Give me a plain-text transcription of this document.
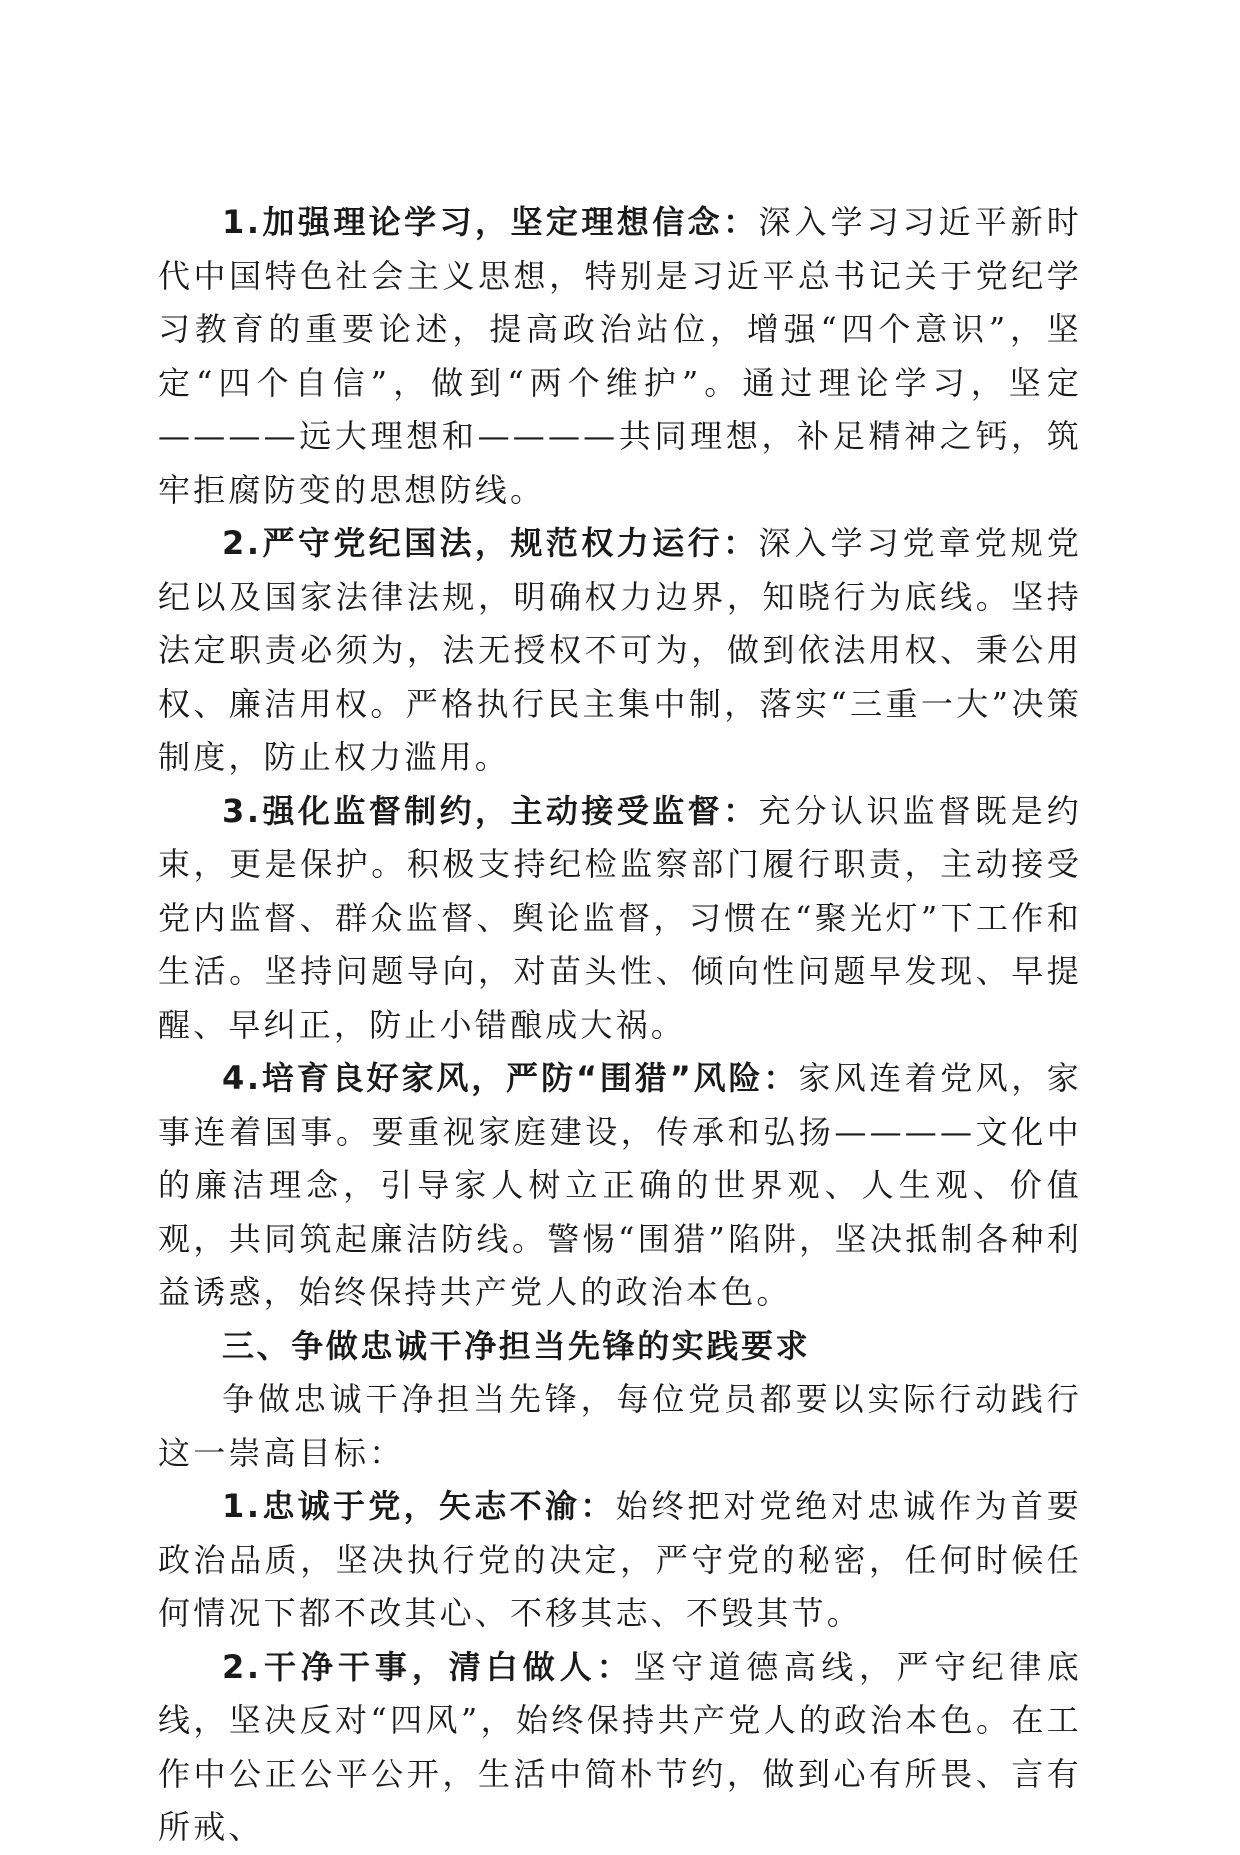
1.加强理论学习，坚定理想信念：深入学习习近平新时代中国特色社会主义思想，特别是习近平总书记关于党纪学习教育的重要论述，提高政治站位，增强“四个意识”，坚定“四个自信”，做到“两个维护”。通过理论学习，坚定————远大理想和————共同理想，补足精神之钙，筑牢拒腐防变的思想防线。

2.严守党纪国法，规范权力运行：深入学习党章党规党纪以及国家法律法规，明确权力边界，知晓行为底线。坚持法定职责必须为，法无授权不可为，做到依法用权、秉公用权、廉洁用权。严格执行民主集中制，落实“三重一大”决策制度，防止权力滥用。

3.强化监督制约，主动接受监督：充分认识监督既是约束，更是保护。积极支持纪检监察部门履行职责，主动接受党内监督、群众监督、舆论监督，习惯在“聚光灯”下工作和生活。坚持问题导向，对苗头性、倾向性问题早发现、早提醒、早纠正，防止小错酿成大祸。

4.培育良好家风，严防“围猎”风险：家风连着党风，家事连着国事。要重视家庭建设，传承和弘扬————文化中的廉洁理念，引导家人树立正确的世界观、人生观、价值观，共同筑起廉洁防线。警惕“围猎”陷阱，坚决抵制各种利益诱惑，始终保持共产党人的政治本色。

三、争做忠诚干净担当先锋的实践要求

争做忠诚干净担当先锋，每位党员都要以实际行动践行这一崇高目标：

1.忠诚于党，矢志不渝：始终把对党绝对忠诚作为首要政治品质，坚决执行党的决定，严守党的秘密，任何时候任何情况下都不改其心、不移其志、不毁其节。

2.干净干事，清白做人：坚守道德高线，严守纪律底线，坚决反对“四风”，始终保持共产党人的政治本色。在工作中公正公平公开，生活中简朴节约，做到心有所畏、言有所戒、
